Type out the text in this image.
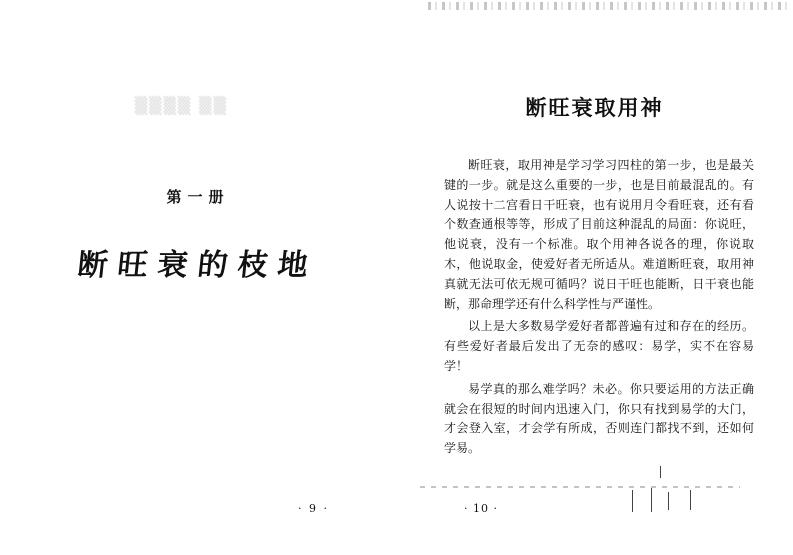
▒▒▒▒ ▒▒
第一册
断旺衰的枝地
· 9 ·
断旺衰取用神

断旺衰，取用神是学习学习四柱的第一步，也是最关键的一步。就是这么重要的一步，也是目前最混乱的。有人说按十二宫看日干旺衰，也有说用月令看旺衰，还有看个数查通根等等，形成了目前这种混乱的局面：你说旺，他说衰，没有一个标准。取个用神各说各的理，你说取木，他说取金，使爱好者无所适从。难道断旺衰，取用神真就无法可依无规可循吗？说日干旺也能断，日干衰也能断，那命理学还有什么科学性与严谨性。

以上是大多数易学爱好者都普遍有过和存在的经历。有些爱好者最后发出了无奈的感叹：易学，实不在容易学！

易学真的那么难学吗？未必。你只要运用的方法正确就会在很短的时间内迅速入门，你只有找到易学的大门，才会登入室，才会学有所成，否则连门都找不到，还如何学易。

· 10 ·
